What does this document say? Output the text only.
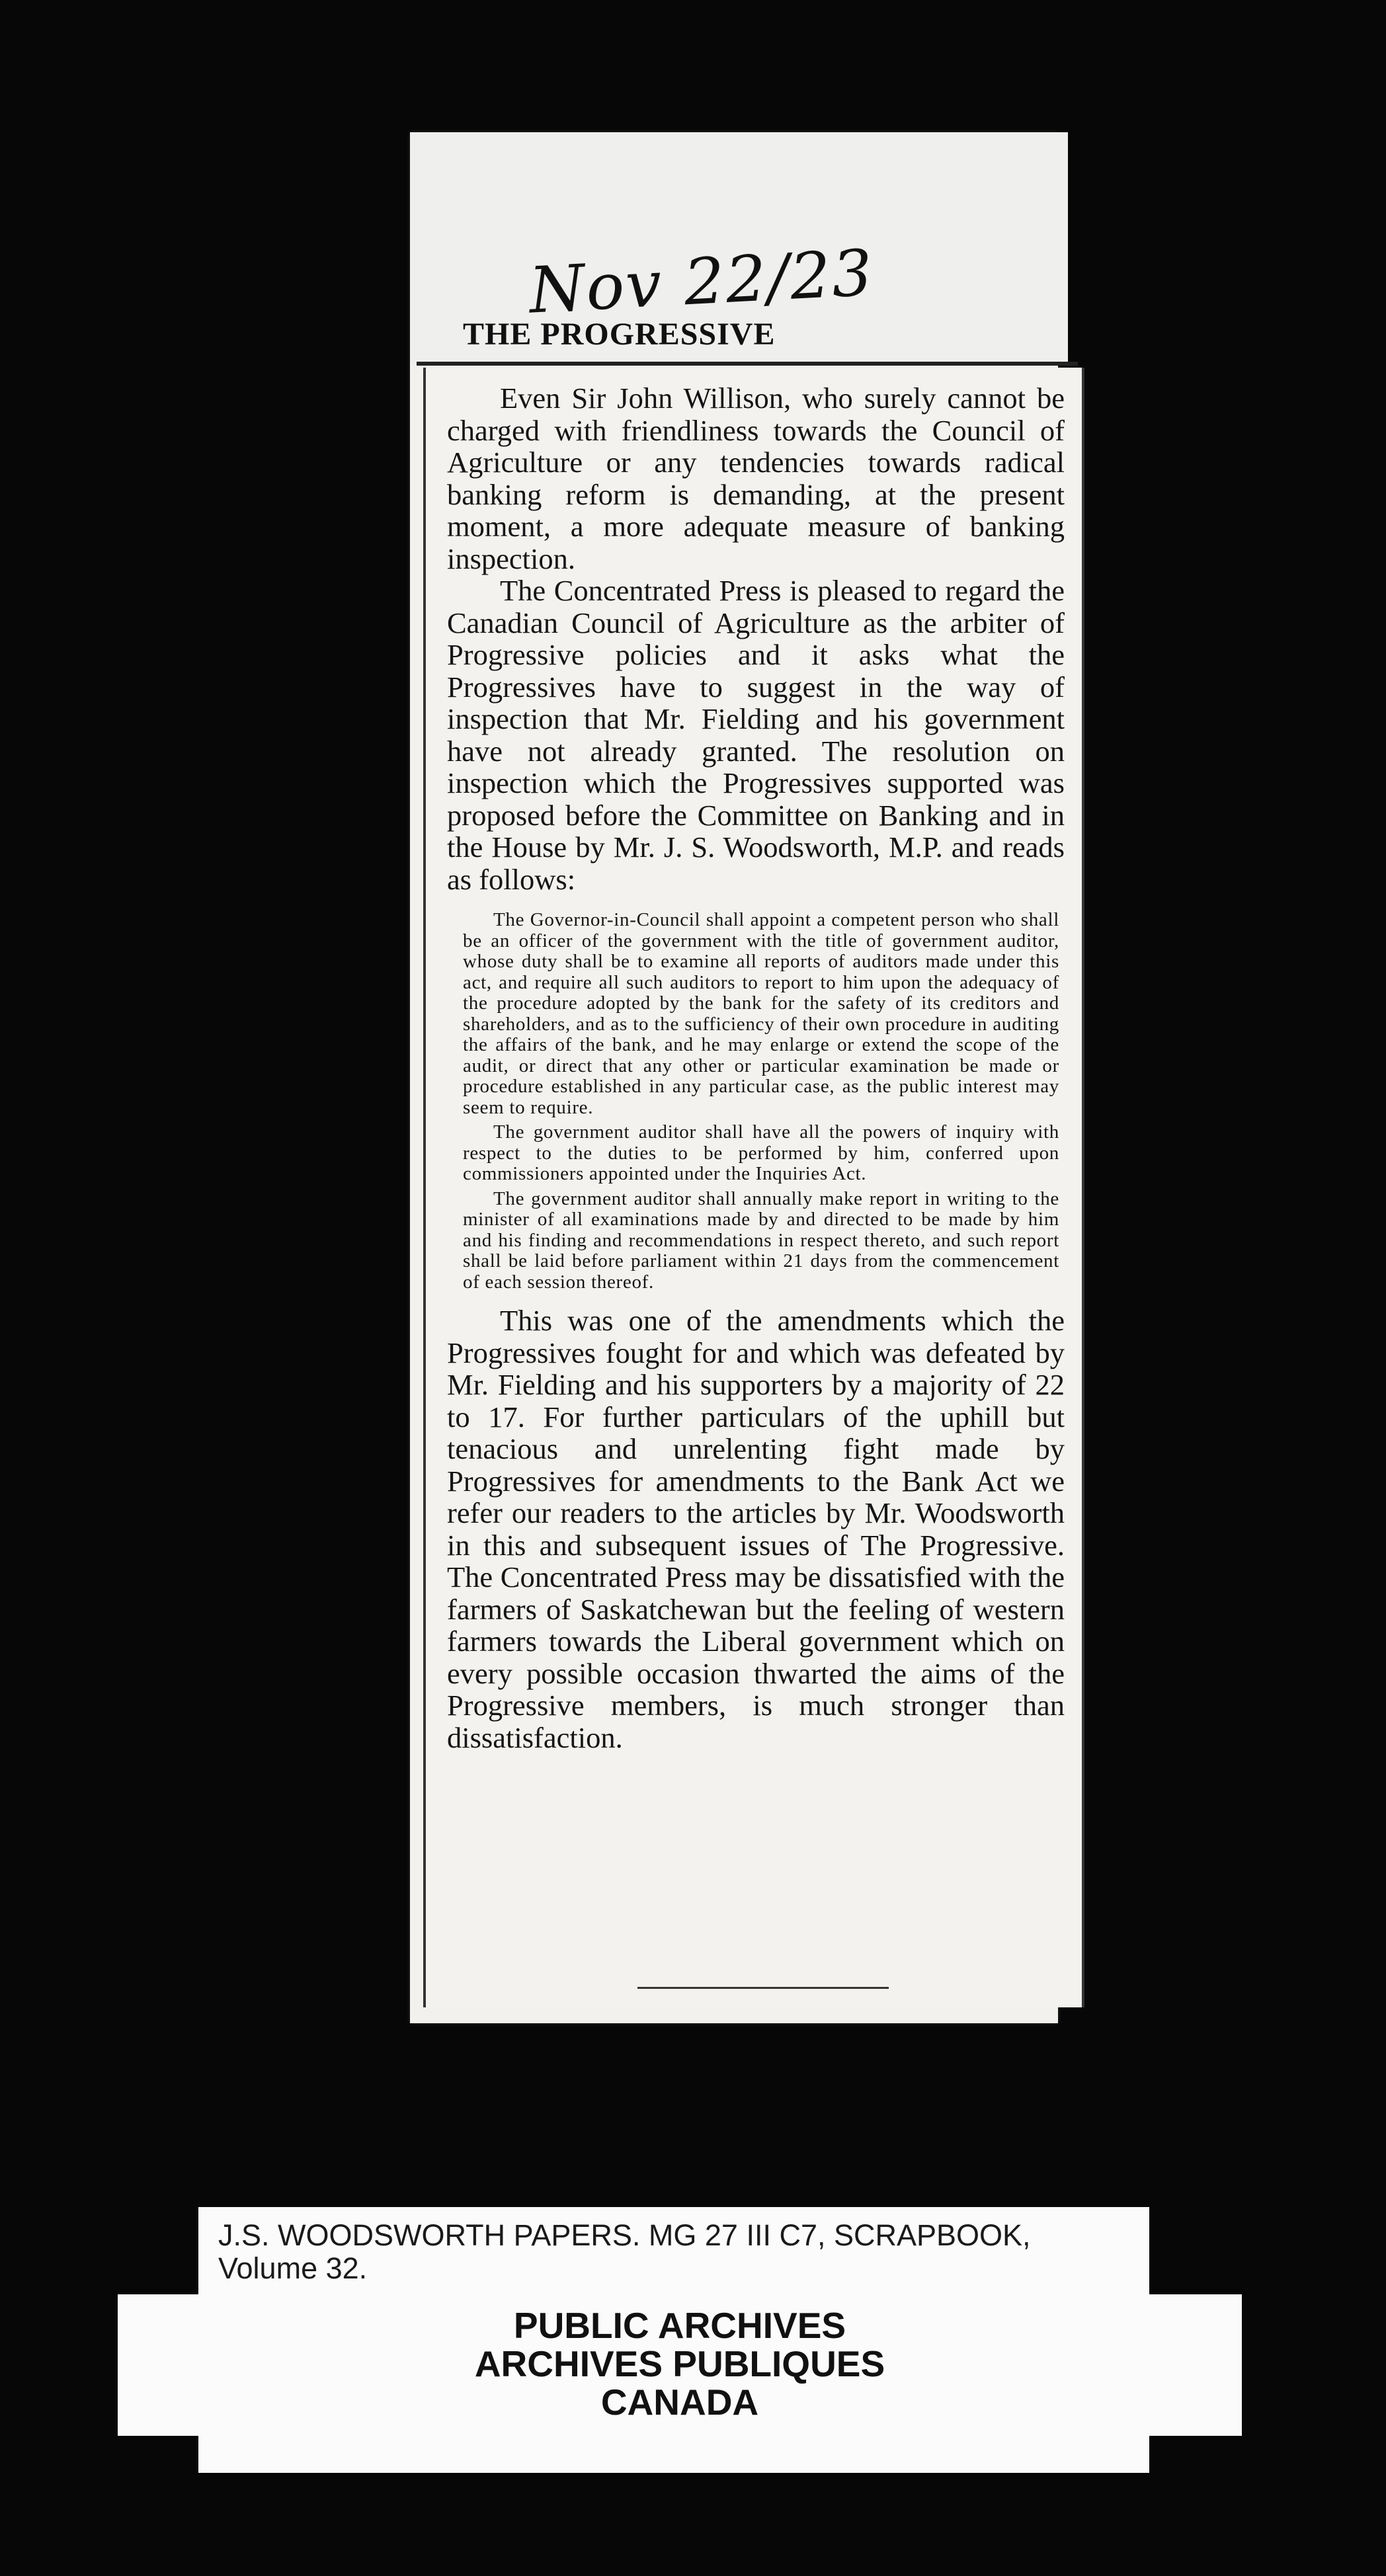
Nov 22/23
THE PROGRESSIVE

Even Sir John Willison, who surely cannot be charged with friendliness towards the Council of Agriculture or any tendencies towards radical banking reform is demanding, at the present moment, a more adequate measure of banking inspection.

The Concentrated Press is pleased to regard the Canadian Council of Agriculture as the arbiter of Progressive policies and it asks what the Progressives have to suggest in the way of inspection that Mr. Fielding and his government have not already granted. The resolution on inspection which the Progressives supported was proposed before the Committee on Banking and in the House by Mr. J. S. Woodsworth, M.P. and reads as follows:

The Governor-in-Council shall appoint a competent person who shall be an officer of the government with the title of government auditor, whose duty shall be to examine all reports of auditors made under this act, and require all such auditors to report to him upon the adequacy of the procedure adopted by the bank for the safety of its creditors and shareholders, and as to the sufficiency of their own procedure in auditing the affairs of the bank, and he may enlarge or extend the scope of the audit, or direct that any other or particular examination be made or procedure established in any particular case, as the public interest may seem to require.

The government auditor shall have all the powers of inquiry with respect to the duties to be performed by him, conferred upon commissioners appointed under the Inquiries Act.

The government auditor shall annually make report in writing to the minister of all examinations made by and directed to be made by him and his finding and recommendations in respect thereto, and such report shall be laid before parliament within 21 days from the commencement of each session thereof.

This was one of the amendments which the Progressives fought for and which was defeated by Mr. Fielding and his supporters by a majority of 22 to 17. For further particulars of the uphill but tenacious and unrelenting fight made by Progressives for amendments to the Bank Act we refer our readers to the articles by Mr. Woodsworth in this and subsequent issues of The Progressive. The Concentrated Press may be dissatisfied with the farmers of Saskatchewan but the feeling of western farmers towards the Liberal government which on every possible occasion thwarted the aims of the Progressive members, is much stronger than dissatisfaction.

J.S. WOODSWORTH PAPERS. MG 27 III C7, SCRAPBOOK,
Volume 32.
PUBLIC ARCHIVES
ARCHIVES PUBLIQUES
CANADA
